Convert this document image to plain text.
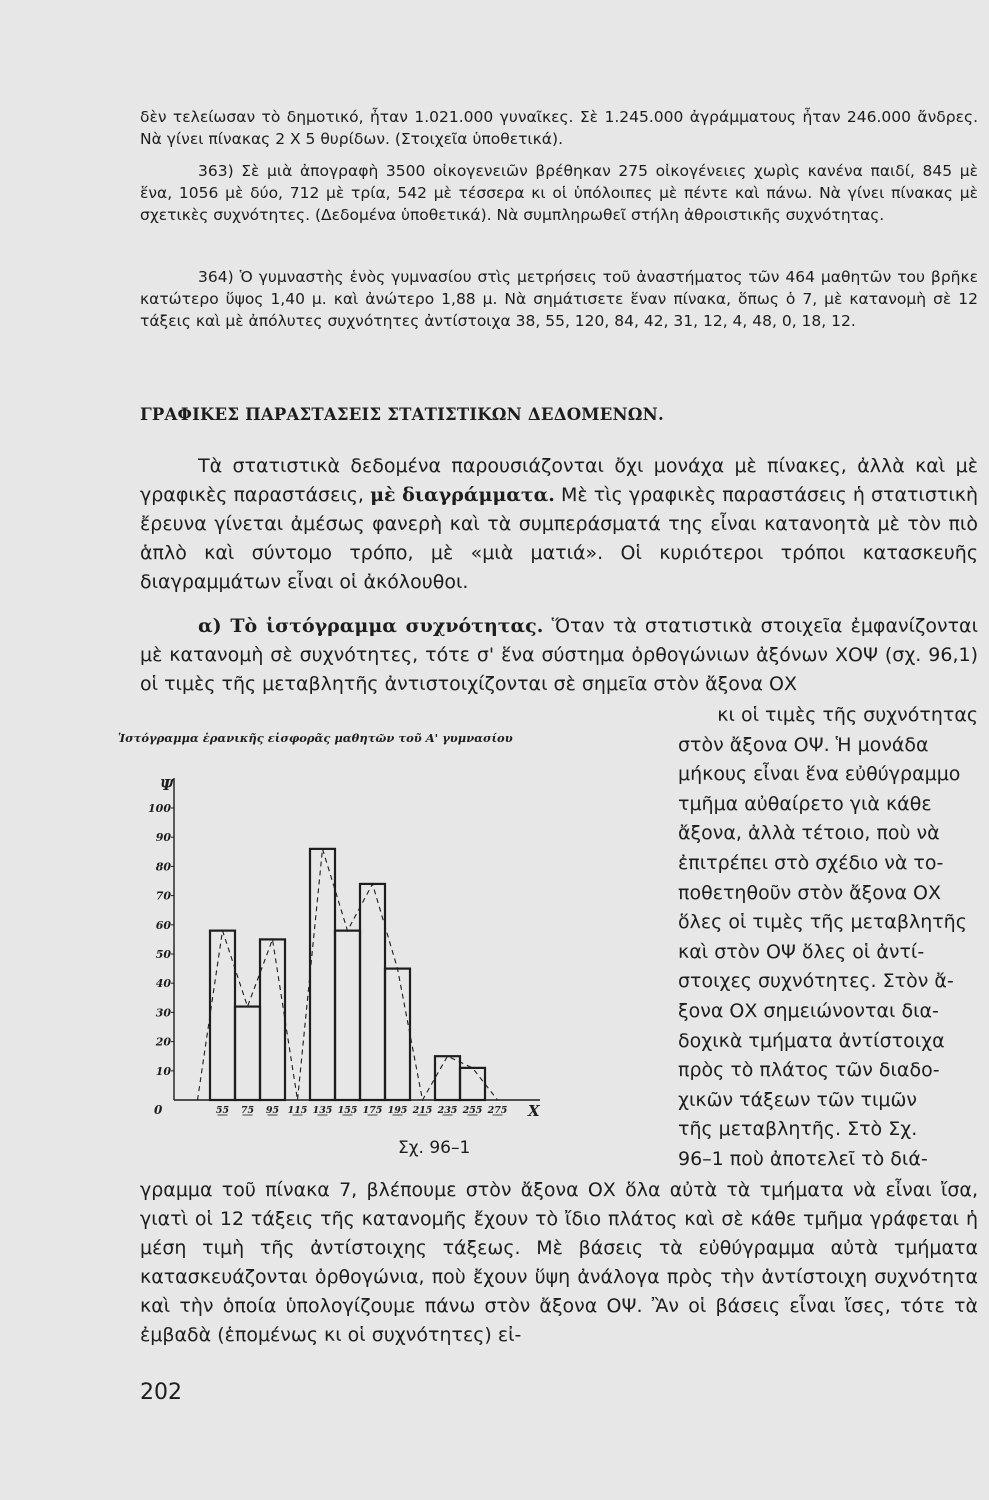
δὲν τελείωσαν τὸ δημοτικό, ἦταν 1.021.000 γυναῖκες. Σὲ 1.245.000 ἀγράμματους ἦταν 246.000 ἄνδρες. Νὰ γίνει πίνακας 2 Χ 5 θυρίδων. (Στοιχεῖα ὑποθετικά).

363) Σὲ μιὰ ἀπογραφὴ 3500 οἰκογενειῶν βρέθηκαν 275 οἰκογένειες χωρὶς κανένα παιδί, 845 μὲ ἕνα, 1056 μὲ δύο, 712 μὲ τρία, 542 μὲ τέσσερα κι οἱ ὑπόλοιπες μὲ πέντε καὶ πάνω. Νὰ γίνει πίνακας μὲ σχετικὲς συχνότητες. (Δεδομένα ὑποθετικά). Νὰ συμπληρωθεῖ στήλη ἀθροιστικῆς συχνότητας.

364) Ὁ γυμναστὴς ἑνὸς γυμνασίου στὶς μετρήσεις τοῦ ἀναστήματος τῶν 464 μαθητῶν του βρῆκε κατώτερο ὕψος 1,40 μ. καὶ ἀνώτερο 1,88 μ. Νὰ σημάτισετε ἕναν πίνακα, ὅπως ὁ 7, μὲ κατανομὴ σὲ 12 τάξεις καὶ μὲ ἀπόλυτες συχνότητες ἀντίστοιχα 38, 55, 120, 84, 42, 31, 12, 4, 48, 0, 18, 12.

ΓΡΑΦΙΚΕΣ ΠΑΡΑΣΤΑΣΕΙΣ ΣΤΑΤΙΣΤΙΚΩΝ ΔΕΔΟΜΕΝΩΝ.

Τὰ στατιστικὰ δεδομένα παρουσιάζονται ὄχι μονάχα μὲ πίνακες, ἀλλὰ καὶ μὲ γραφικὲς παραστάσεις, μὲ διαγράμματα. Μὲ τὶς γραφικὲς παραστάσεις ἡ στατιστικὴ ἔρευνα γίνεται ἀμέσως φανερὴ καὶ τὰ συμπεράσματά της εἶναι κατανοητὰ μὲ τὸν πιὸ ἁπλὸ καὶ σύντομο τρόπο, μὲ «μιὰ ματιά». Οἱ κυριότεροι τρόποι κατασκευῆς διαγραμμάτων εἶναι οἱ ἀκόλουθοι.

α) Τὸ ἱστόγραμμα συχνότητας. Ὅταν τὰ στατιστικὰ στοιχεῖα ἐμφανίζονται μὲ κατανομὴ σὲ συχνότητες, τότε σ' ἕνα σύστημα ὀρθογώνιων ἀξόνων ΧΟΨ (σχ. 96,1) οἱ τιμὲς τῆς μεταβλητῆς ἀντιστοιχίζονται σὲ σημεῖα στὸν ἄξονα ΟΧ

Ἱστόγραμμα ἐρανικῆς εἰσφορᾶς μαθητῶν τοῦ Α' γυμνασίου
10
20
30
40
50
60
70
80
90
100
Ψ
0	Χ
55 75 95 115 135 155 175 195 215 235 255 275
Σχ. 96–1
κι οἱ τιμὲς τῆς συχνότητας
στὸν ἄξονα ΟΨ. Ἡ μονάδα
μήκους εἶναι ἕνα εὐθύγραμμο
τμῆμα αὐθαίρετο γιὰ κάθε
ἄξονα, ἀλλὰ τέτοιο, ποὺ νὰ
ἐπιτρέπει στὸ σχέδιο νὰ το-
ποθετηθοῦν στὸν ἄξονα ΟΧ
ὅλες οἱ τιμὲς τῆς μεταβλητῆς
καὶ στὸν ΟΨ ὅλες οἱ ἀντί-
στοιχες συχνότητες. Στὸν ἄ-
ξονα ΟΧ σημειώνονται δια-
δοχικὰ τμήματα ἀντίστοιχα
πρὸς τὸ πλάτος τῶν διαδο-
χικῶν τάξεων τῶν τιμῶν
τῆς μεταβλητῆς. Στὸ Σχ.
96–1 ποὺ ἀποτελεῖ τὸ διά-

γραμμα τοῦ πίνακα 7, βλέπουμε στὸν ἄξονα ΟΧ ὅλα αὐτὰ τὰ τμήματα νὰ εἶναι ἴσα, γιατὶ οἱ 12 τάξεις τῆς κατανομῆς ἔχουν τὸ ἴδιο πλάτος καὶ σὲ κάθε τμῆμα γράφεται ἡ μέση τιμὴ τῆς ἀντίστοιχης τάξεως. Μὲ βάσεις τὰ εὐθύγραμμα αὐτὰ τμήματα κατασκευάζονται ὀρθογώνια, ποὺ ἔχουν ὕψη ἀνάλογα πρὸς τὴν ἀντίστοιχη συχνότητα καὶ τὴν ὁποία ὑπολογίζουμε πάνω στὸν ἄξονα ΟΨ. Ἂν οἱ βάσεις εἶναι ἴσες, τότε τὰ ἐμβαδὰ (ἑπομένως κι οἱ συχνότητες) εἰ-

202
